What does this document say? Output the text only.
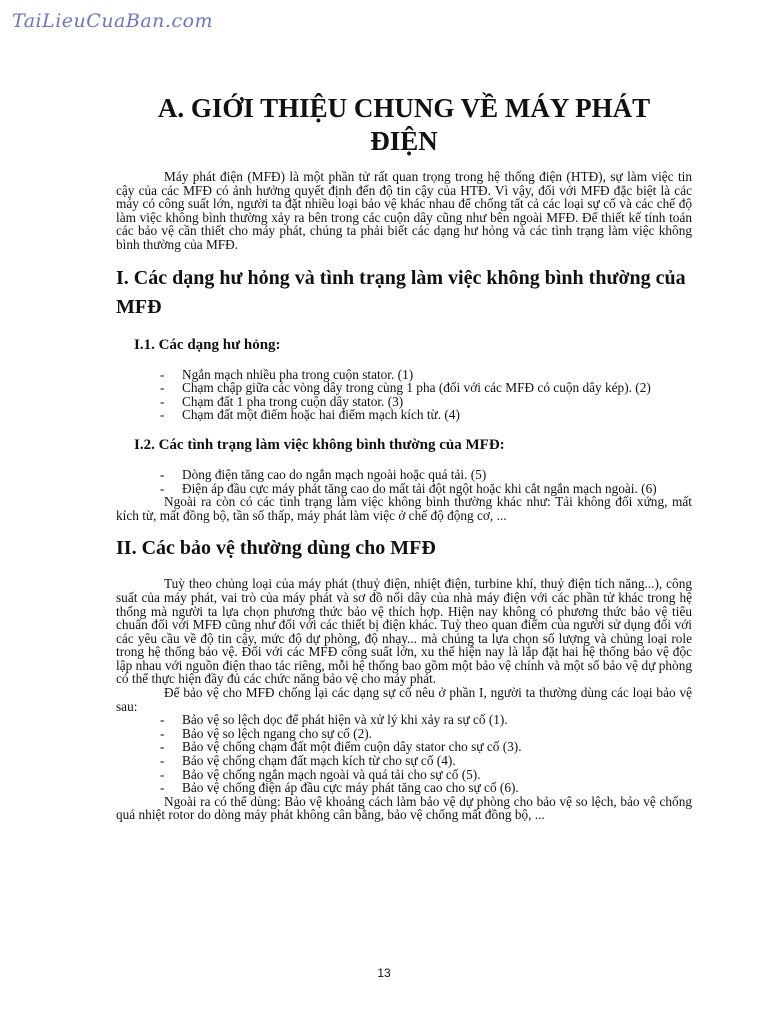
TaiLieuCuaBan.com
A. GIỚI THIỆU CHUNG VỀ MÁY PHÁT ĐIỆN

Máy phát điện (MFĐ) là một phần tử rất quan trọng trong hệ thống điện (HTĐ), sự làm việc tin cậy của các MFĐ có ảnh hưởng quyết định đến độ tin cậy của HTĐ. Vì vậy, đối với MFĐ đặc biệt là các máy có công suất lớn, người ta đặt nhiều loại bảo vệ khác nhau để chống tất cả các loại sự cố và các chế độ làm việc không bình thường xảy ra bên trong các cuộn dây cũng như bên ngoài MFĐ. Để thiết kế tính toán các bảo vệ cần thiết cho máy phát, chúng ta phải biết các dạng hư hỏng và các tình trạng làm việc không bình thường của MFĐ.

I. Các dạng hư hỏng và tình trạng làm việc không bình thường của MFĐ
I.1. Các dạng hư hỏng:
- Ngắn mạch nhiều pha trong cuộn stator. (1)
- Chạm chập giữa các vòng dây trong cùng 1 pha (đối với các MFĐ có cuộn dây kép). (2)
- Chạm đất 1 pha trong cuộn dây stator. (3)
- Chạm đất một điểm hoặc hai điểm mạch kích từ. (4)
I.2. Các tình trạng làm việc không bình thường của MFĐ:
- Dòng điện tăng cao do ngắn mạch ngoài hoặc quá tải. (5)
- Điện áp đầu cực máy phát tăng cao do mất tải đột ngột hoặc khi cắt ngắn mạch ngoài. (6)

Ngoài ra còn có các tình trạng làm việc không bình thường khác như: Tải không đối xứng, mất kích từ, mất đồng bộ, tần số thấp, máy phát làm việc ở chế độ động cơ, ...

II. Các bảo vệ thường dùng cho MFĐ

Tuỳ theo chủng loại của máy phát (thuỷ điện, nhiệt điện, turbine khí, thuỷ điện tích năng...), công suất của máy phát, vai trò của máy phát và sơ đồ nối dây của nhà máy điện với các phần tử khác trong hệ thống mà người ta lựa chọn phương thức bảo vệ thích hợp. Hiện nay không có phương thức bảo vệ tiêu chuẩn đối với MFĐ cũng như đối với các thiết bị điện khác. Tuỳ theo quan điểm của người sử dụng đối với các yêu cầu về độ tin cậy, mức độ dự phòng, độ nhạy... mà chúng ta lựa chọn số lượng và chủng loại role trong hệ thống bảo vệ. Đối với các MFĐ công suất lớn, xu thế hiện nay là lắp đặt hai hệ thống bảo vệ độc lập nhau với nguồn điện thao tác riêng, mỗi hệ thống bao gồm một bảo vệ chính và một số bảo vệ dự phòng có thể thực hiện đầy đủ các chức năng bảo vệ cho máy phát.

Để bảo vệ cho MFĐ chống lại các dạng sự cố nêu ở phần I, người ta thường dùng các loại bảo vệ sau:

- Bảo vệ so lệch dọc để phát hiện và xử lý khi xảy ra sự cố (1).
- Bảo vệ so lệch ngang cho sự cố (2).
- Bảo vệ chống chạm đất một điểm cuộn dây stator cho sự cố (3).
- Bảo vệ chống chạm đất mạch kích từ cho sự cố (4).
- Bảo vệ chống ngắn mạch ngoài và quá tải cho sự cố (5).
- Bảo vệ chống điện áp đầu cực máy phát tăng cao cho sự cố (6).

Ngoài ra có thể dùng: Bảo vệ khoảng cách làm bảo vệ dự phòng cho bảo vệ so lệch, bảo vệ chống quá nhiệt rotor do dòng máy phát không cân bằng, bảo vệ chống mất đồng bộ, ...

13
